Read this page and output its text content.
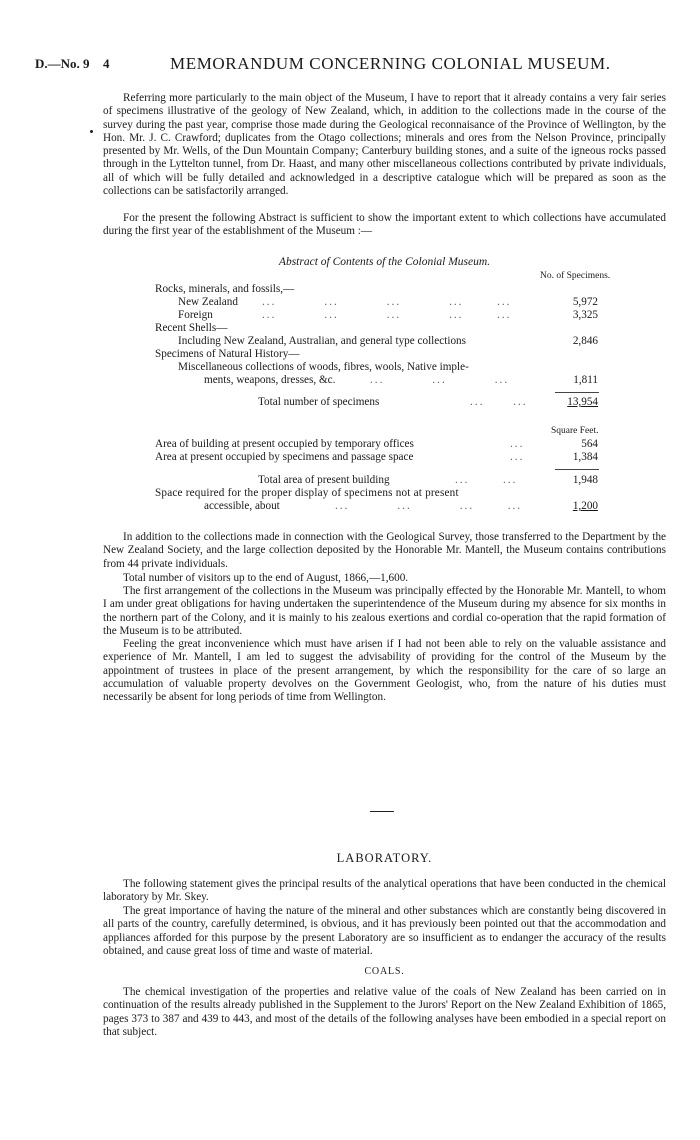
D.—No. 9 4	MEMORANDUM CONCERNING COLONIAL MUSEUM.

Referring more particularly to the main object of the Museum, I have to report that it already contains a very fair series of specimens illustrative of the geology of New Zealand, which, in addition to the collections made in the course of the survey during the past year, comprise those made during the Geological reconnaisance of the Province of Wellington, by the Hon. Mr. J. C. Crawford; duplicates from the Otago collections; minerals and ores from the Nelson Province, principally presented by Mr. Wells, of the Dun Mountain Company; Canterbury building stones, and a suite of the igneous rocks passed through in the Lyttelton tunnel, from Dr. Haast, and many other miscellaneous collections contributed by private individuals, all of which will be fully detailed and acknowledged in a descriptive catalogue which will be prepared as soon as the collections can be satisfactorily arranged.

For the present the following Abstract is sufficient to show the important extent to which collections have accumulated during the first year of the establishment of the Museum :—

Abstract of Contents of the Colonial Museum.
No. of Specimens.
Rocks, minerals, and fossils,—
New Zealand ...          ...          ...          ...       ...	5,972
Foreign	...          ...          ...          ...       ...	3,325
Recent Shells—
Including New Zealand, Australian, and general type collections	2,846
Specimens of Natural History—
Miscellaneous collections of woods, fibres, wools, Native imple-
ments, weapons, dresses, &c.	...          ...          ...	1,811
Total number of specimens	...      ...	13,954
Square Feet.
Area of building at present occupied by temporary offices	...	564
Area at present occupied by specimens and passage space	...	1,384
Total area of present building	...       ...	1,948
Space required for the proper display of specimens not at present
accessible, about	...          ...          ...       ...	1,200

In addition to the collections made in connection with the Geological Survey, those transferred to the Department by the New Zealand Society, and the large collection deposited by the Honorable Mr. Mantell, the Museum contains contributions from 44 private individuals.

Total number of visitors up to the end of August, 1866,—1,600.

The first arrangement of the collections in the Museum was principally effected by the Honorable Mr. Mantell, to whom I am under great obligations for having undertaken the superintendence of the Museum during my absence for six months in the northern part of the Colony, and it is mainly to his zealous exertions and cordial co-operation that the rapid formation of the Museum is to be attributed.

Feeling the great inconvenience which must have arisen if I had not been able to rely on the valuable assistance and experience of Mr. Mantell, I am led to suggest the advisability of providing for the control of the Museum by the appointment of trustees in place of the present arrangement, by which the responsibility for the care of so large an accumulation of valuable property devolves on the Government Geologist, who, from the nature of his duties must necessarily be absent for long periods of time from Wellington.

LABORATORY.

The following statement gives the principal results of the analytical operations that have been conducted in the chemical laboratory by Mr. Skey.

The great importance of having the nature of the mineral and other substances which are constantly being discovered in all parts of the country, carefully determined, is obvious, and it has previously been pointed out that the accommodation and appliances afforded for this purpose by the present Laboratory are so insufficient as to endanger the accuracy of the results obtained, and cause great loss of time and waste of material.

COALS.

The chemical investigation of the properties and relative value of the coals of New Zealand has been carried on in continuation of the results already published in the Supplement to the Jurors' Report on the New Zealand Exhibition of 1865, pages 373 to 387 and 439 to 443, and most of the details of the following analyses have been embodied in a special report on that subject.
